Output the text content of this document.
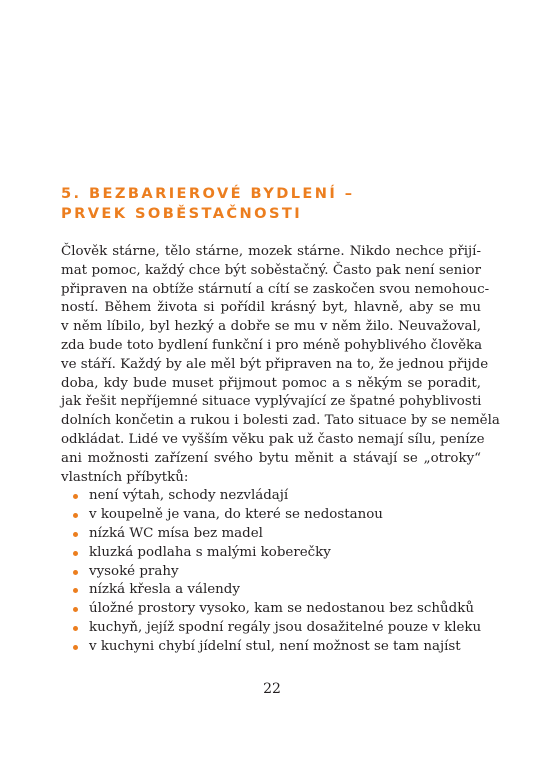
5. BEZBARIEROVÉ BYDLENÍ –
PRVEK SOBĚSTAČNOSTI
Člověk stárne, tělo stárne, mozek stárne. Nikdo nechce přijí-
mat pomoc, každý chce být soběstačný. Často pak není senior
připraven na obtíže stárnutí a cítí se zaskočen svou nemohouc-
ností. Během života si pořídil krásný byt, hlavně, aby se mu
v něm líbilo, byl hezký a dobře se mu v něm žilo. Neuvažoval,
zda bude toto bydlení funkční i pro méně pohyblivého člověka
ve stáří. Každý by ale měl být připraven na to, že jednou přijde
doba, kdy bude muset přijmout pomoc a s někým se poradit,
jak řešit nepříjemné situace vyplývající ze špatné pohyblivosti
dolních končetin a rukou i bolesti zad. Tato situace by se neměla
odkládat. Lidé ve vyšším věku pak už často nemají sílu, peníze
ani možnosti zařízení svého bytu měnit a stávají se „otroky“
vlastních příbytků:
není výtah, schody nezvládají
v koupelně je vana, do které se nedostanou
nízká WC mísa bez madel
kluzká podlaha s malými koberečky
vysoké prahy
nízká křesla a válendy
úložné prostory vysoko, kam se nedostanou bez schůdků
kuchyň, jejíž spodní regály jsou dosažitelné pouze v kleku
v kuchyni chybí jídelní stul, není možnost se tam najíst
22
